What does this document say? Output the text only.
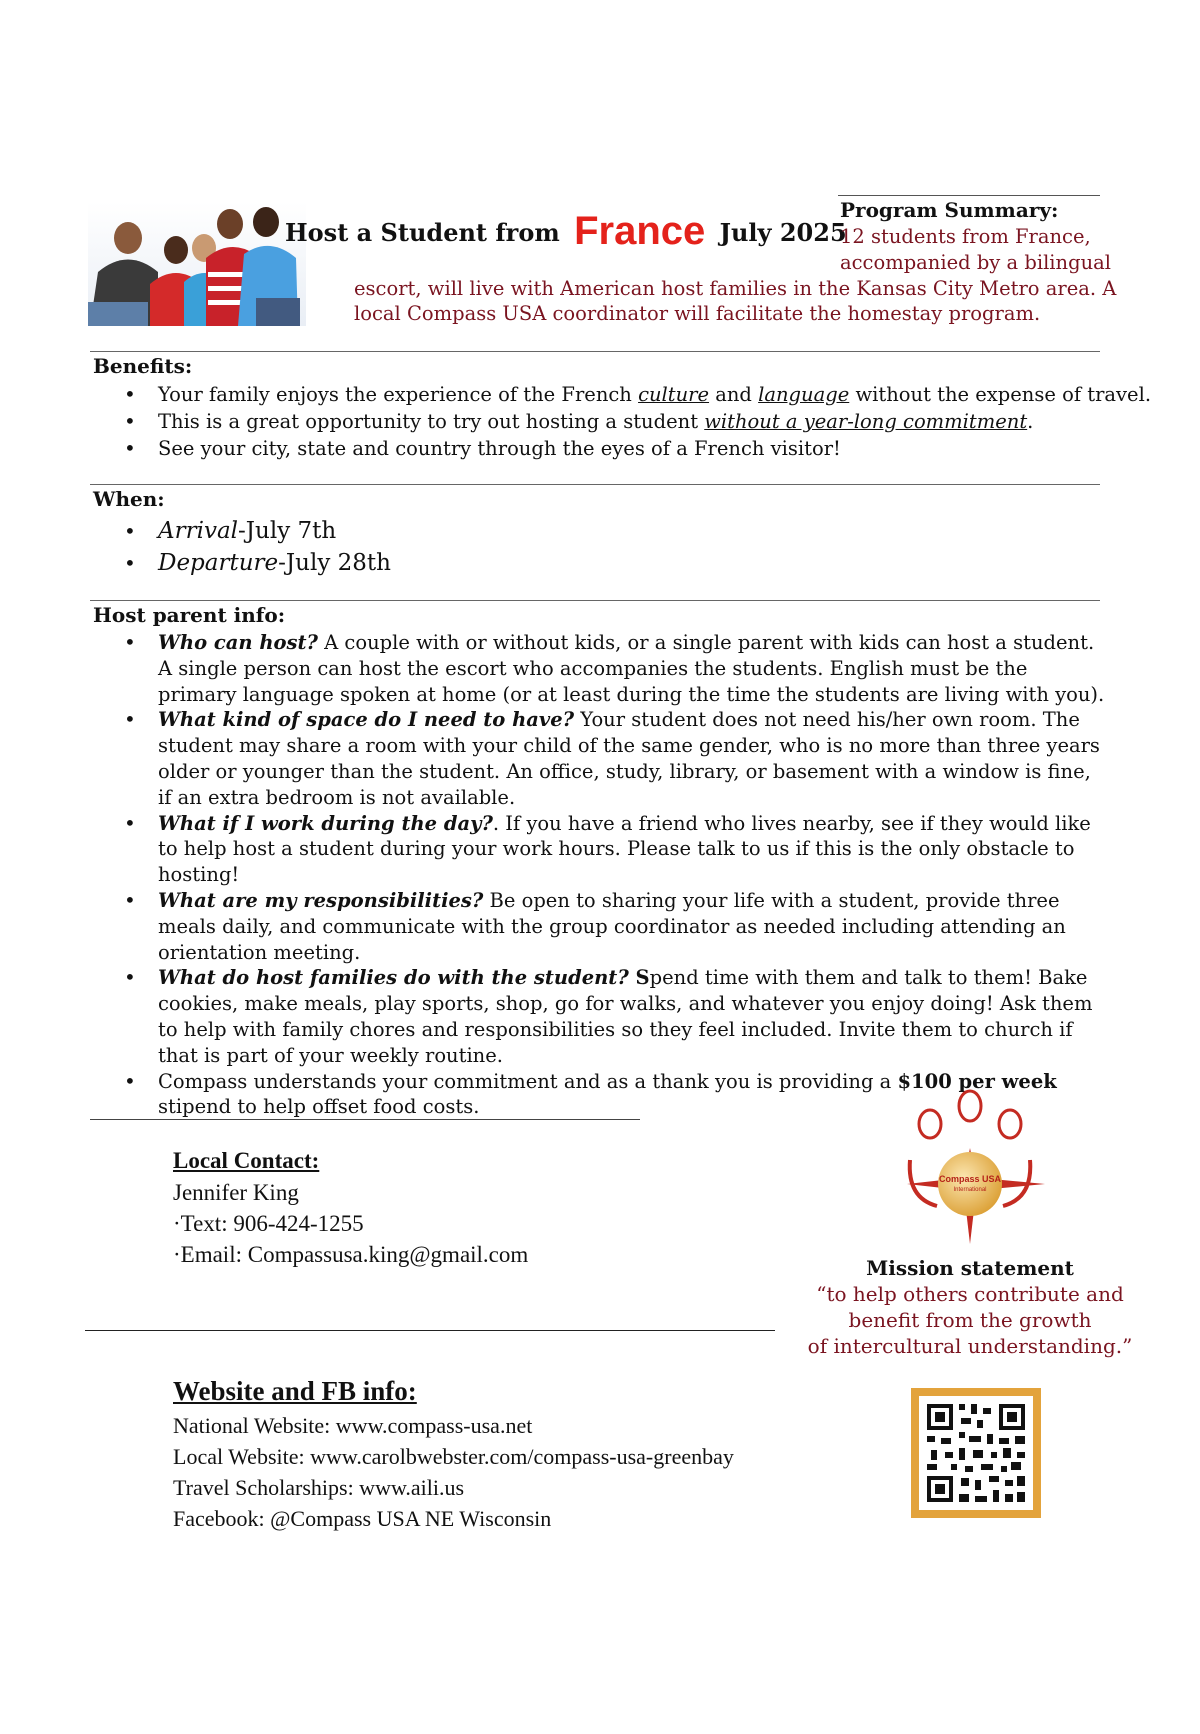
Host a Student from France July 2025
Program Summary:
12 students from France,
accompanied by a bilingual
escort, will live with American host families in the Kansas City Metro area. A
local Compass USA coordinator will facilitate the homestay program.
Benefits:
• Your family enjoys the experience of the French culture and language without the expense of travel.
• This is a great opportunity to try out hosting a student without a year-long commitment.
• See your city, state and country through the eyes of a French visitor!
When:
• Arrival-July 7th
• Departure-July 28th
Host parent info:
• Who can host? A couple with or without kids, or a single parent with kids can host a student. A single person can host the escort who accompanies the students. English must be the primary language spoken at home (or at least during the time the students are living with you).
• What kind of space do I need to have? Your student does not need his/her own room. The student may share a room with your child of the same gender, who is no more than three years older or younger than the student. An office, study, library, or basement with a window is fine, if an extra bedroom is not available.
• What if I work during the day?. If you have a friend who lives nearby, see if they would like to help host a student during your work hours. Please talk to us if this is the only obstacle to hosting!
• What are my responsibilities? Be open to sharing your life with a student, provide three meals daily, and communicate with the group coordinator as needed including attending an orientation meeting.
• What do host families do with the student? Spend time with them and talk to them! Bake cookies, make meals, play sports, shop, go for walks, and whatever you enjoy doing! Ask them to help with family chores and responsibilities so they feel included. Invite them to church if that is part of your weekly routine.
• Compass understands your commitment and as a thank you is providing a $100 per week stipend to help offset food costs.
Local Contact:
Jennifer King
·Text: 906-424-1255
·Email: Compassusa.king@gmail.com
Compass USA
International
Mission statement
“to help others contribute and
benefit from the growth
of intercultural understanding.”
Website and FB info:
National Website: www.compass-usa.net
Local Website: www.carolbwebster.com/compass-usa-greenbay
Travel Scholarships: www.aili.us
Facebook: @Compass USA NE Wisconsin
